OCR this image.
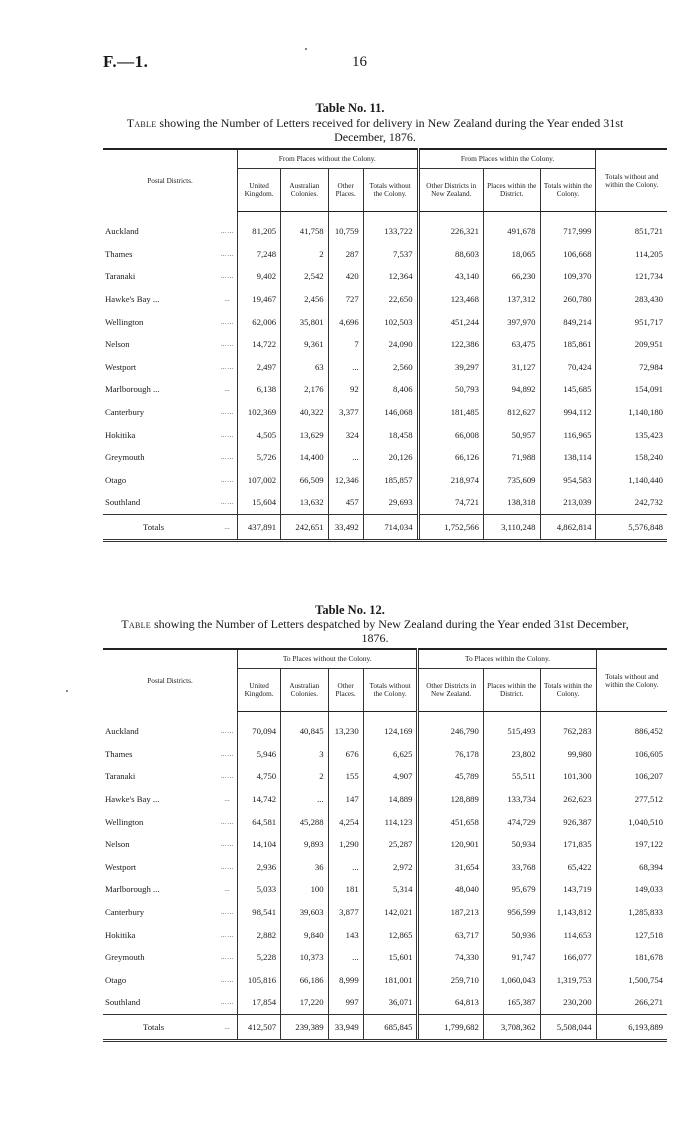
F.—1.	16
Table No. 11.
Table showing the Number of Letters received for delivery in New Zealand during the Year ended 31st December, 1876.
Postal Districts.		From Places without the Colony.				From Places within the Colony.			Totals without and within the Colony.
		United Kingdom.	Australian Colonies.	Other Places.	Totals without the Colony.	Other Districts in New Zealand.	Places within the District.	Totals within the Colony.	

Auckland	... ...	81,205	41,758	10,759	133,722	226,321	491,678	717,999	851,721
Thames	... ...	7,248	2	287	7,537	88,603	18,065	106,668	114,205
Taranaki	... ...	9,402	2,542	420	12,364	43,140	66,230	109,370	121,734
Hawke's Bay ...	...	19,467	2,456	727	22,650	123,468	137,312	260,780	283,430
Wellington	... ...	62,006	35,801	4,696	102,503	451,244	397,970	849,214	951,717
Nelson	... ...	14,722	9,361	7	24,090	122,386	63,475	185,861	209,951
Westport	... ...	2,497	63	...	2,560	39,297	31,127	70,424	72,984
Marlborough ...	...	6,138	2,176	92	8,406	50,793	94,892	145,685	154,091
Canterbury	... ...	102,369	40,322	3,377	146,068	181,485	812,627	994,112	1,140,180
Hokitika	... ...	4,505	13,629	324	18,458	66,008	50,957	116,965	135,423
Greymouth	... ...	5,726	14,400	...	20,126	66,126	71,988	138,114	158,240
Otago	... ...	107,002	66,509	12,346	185,857	218,974	735,609	954,583	1,140,440
Southland	... ...	15,604	13,632	457	29,693	74,721	138,318	213,039	242,732
Totals	...	437,891	242,651	33,492	714,034	1,752,566	3,110,248	4,862,814	5,576,848
Table No. 12.
Table showing the Number of Letters despatched by New Zealand during the Year ended 31st December, 1876.
Postal Districts.		To Places without the Colony.				To Places within the Colony.			Totals without and within the Colony.
		United Kingdom.	Australian Colonies.	Other Places.	Totals without the Colony.	Other Districts in New Zealand.	Places within the District.	Totals within the Colony.	

Auckland	... ...	70,094	40,845	13,230	124,169	246,790	515,493	762,283	886,452
Thames	... ...	5,946	3	676	6,625	76,178	23,802	99,980	106,605
Taranaki	... ...	4,750	2	155	4,907	45,789	55,511	101,300	106,207
Hawke's Bay ...	...	14,742	...	147	14,889	128,889	133,734	262,623	277,512
Wellington	... ...	64,581	45,288	4,254	114,123	451,658	474,729	926,387	1,040,510
Nelson	... ...	14,104	9,893	1,290	25,287	120,901	50,934	171,835	197,122
Westport	... ...	2,936	36	...	2,972	31,654	33,768	65,422	68,394
Marlborough ...	...	5,033	100	181	5,314	48,040	95,679	143,719	149,033
Canterbury	... ...	98,541	39,603	3,877	142,021	187,213	956,599	1,143,812	1,285,833
Hokitika	... ...	2,882	9,840	143	12,865	63,717	50,936	114,653	127,518
Greymouth	... ...	5,228	10,373	...	15,601	74,330	91,747	166,077	181,678
Otago	... ...	105,816	66,186	8,999	181,001	259,710	1,060,043	1,319,753	1,500,754
Southland	... ...	17,854	17,220	997	36,071	64,813	165,387	230,200	266,271
Totals	...	412,507	239,389	33,949	685,845	1,799,682	3,708,362	5,508,044	6,193,889
